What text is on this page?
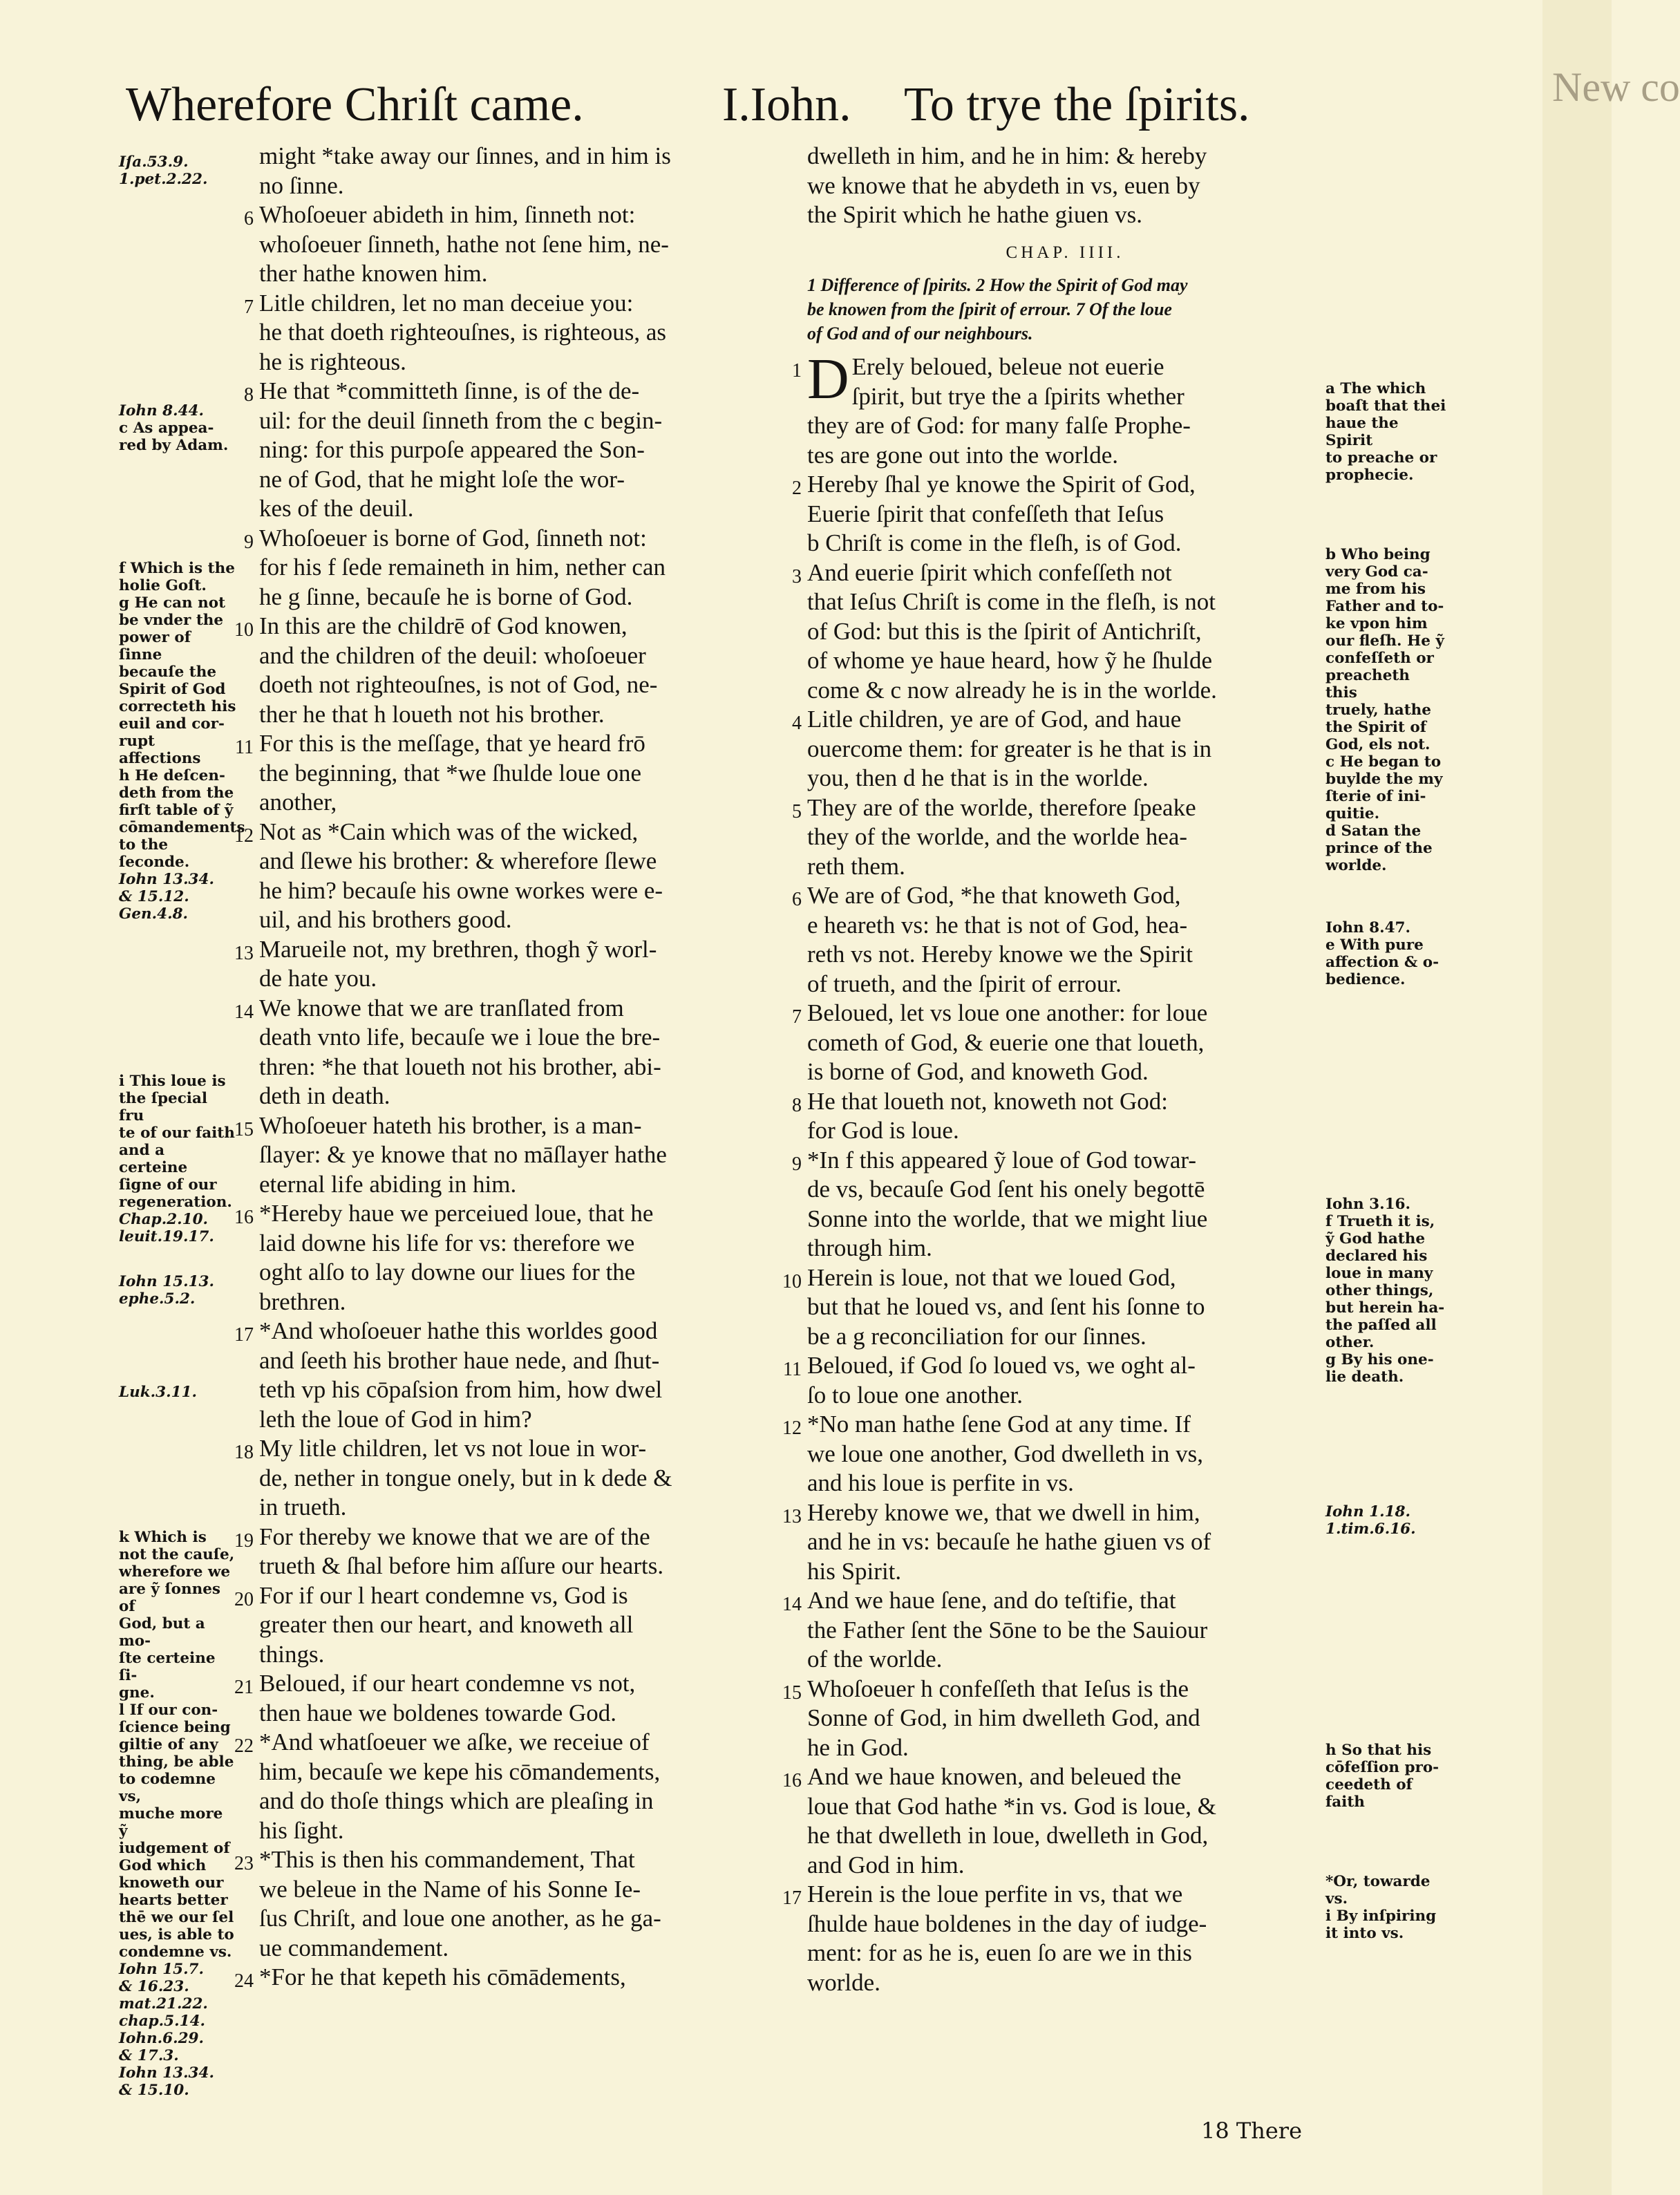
New co
Wherefore Chriſt came.	I.Iohn. To trye the ſpirits.
Iſa.53.9.
1.pet.2.22.
Iohn 8.44.
c As appea-
red by Adam.
f Which is the
holie Goſt.
g He can not
be vnder the
power of ſinne
becauſe the
Spirit of God
correcteth his
euil and cor-
rupt affections
h He deſcen-
deth from the
firſt table of ỹ
cōmandements
to the ſeconde.
Iohn 13.34.
& 15.12.
Gen.4.8.
i This loue is
the ſpecial fru
te of our faith
and a certeine
ſigne of our
regeneration.
Chap.2.10.
leuit.19.17.
Iohn 15.13.
ephe.5.2.
Luk.3.11.
k Which is
not the cauſe,
wherefore we
are ỹ ſonnes of
God, but a mo-
ſte certeine ſi-
gne.
l If our con-
ſcience being
giltie of any
thing, be able
to codemne vs,
muche more ỹ
iudgement of
God which
knoweth our
hearts better
thē we our ſel
ues, is able to
condemne vs.
Iohn 15.7.
& 16.23.
mat.21.22.
chap.5.14.
Iohn.6.29.
& 17.3.
Iohn 13.34.
& 15.10.
might *take away our ſinnes, and in him is
no ſinne.
6 Whoſoeuer abideth in him, ſinneth not:
whoſoeuer ſinneth, hathe not ſene him, ne-
ther hathe knowen him.
7 Litle children, let no man deceiue you:
he that doeth righteouſnes, is righteous, as
he is righteous.
8 He that *committeth ſinne, is of the de-
uil: for the deuil ſinneth from the c begin-
ning: for this purpoſe appeared the Son-
ne of God, that he might loſe the wor-
kes of the deuil.
9 Whoſoeuer is borne of God, ſinneth not:
for his f ſede remaineth in him, nether can
he g ſinne, becauſe he is borne of God.
10 In this are the childrē of God knowen,
and the children of the deuil: whoſoeuer
doeth not righteouſnes, is not of God, ne-
ther he that h loueth not his brother.
11 For this is the meſſage, that ye heard frō
the beginning, that *we ſhulde loue one
another,
12 Not as *Cain which was of the wicked,
and ſlewe his brother: & wherefore ſlewe
he him? becauſe his owne workes were e-
uil, and his brothers good.
13 Marueile not, my brethren, thogh ỹ worl-
de hate you.
14 We knowe that we are tranſlated from
death vnto life, becauſe we i loue the bre-
thren: *he that loueth not his brother, abi-
deth in death.
15 Whoſoeuer hateth his brother, is a man-
ſlayer: & ye knowe that no māſlayer hathe
eternal life abiding in him.
16 *Hereby haue we perceiued loue, that he
laid downe his life for vs: therefore we
oght alſo to lay downe our liues for the
brethren.
17 *And whoſoeuer hathe this worldes good
and ſeeth his brother haue nede, and ſhut-
teth vp his cōpaſsion from him, how dwel
leth the loue of God in him?
18 My litle children, let vs not loue in wor-
de, nether in tongue onely, but in k dede &
in trueth.
19 For thereby we knowe that we are of the
trueth & ſhal before him aſſure our hearts.
20 For if our l heart condemne vs, God is
greater then our heart, and knoweth all
things.
21 Beloued, if our heart condemne vs not,
then haue we boldenes towarde God.
22 *And whatſoeuer we aſke, we receiue of
him, becauſe we kepe his cōmandements,
and do thoſe things which are pleaſing in
his ſight.
23 *This is then his commandement, That
we beleue in the Name of his Sonne Ie-
ſus Chriſt, and loue one another, as he ga-
ue commandement.
24 *For he that kepeth his cōmādements,
dwelleth in him, and he in him: & hereby
we knowe that he abydeth in vs, euen by
the Spirit which he hathe giuen vs.
CHAP. IIII.
1 Difference of ſpirits. 2 How the Spirit of God may
be knowen from the ſpirit of errour. 7 Of the loue
of God and of our neighbours.
1 D Erely beloued, beleue not euerie
ſpirit, but trye the a ſpirits whether
they are of God: for many falſe Prophe-
tes are gone out into the worlde.
2 Hereby ſhal ye knowe the Spirit of God,
Euerie ſpirit that confeſſeth that Ieſus
b Chriſt is come in the fleſh, is of God.
3 And euerie ſpirit which confeſſeth not
that Ieſus Chriſt is come in the fleſh, is not
of God: but this is the ſpirit of Antichriſt,
of whome ye haue heard, how ỹ he ſhulde
come & c now already he is in the worlde.
4 Litle children, ye are of God, and haue
ouercome them: for greater is he that is in
you, then d he that is in the worlde.
5 They are of the worlde, therefore ſpeake
they of the worlde, and the worlde hea-
reth them.
6 We are of God, *he that knoweth God,
e heareth vs: he that is not of God, hea-
reth vs not. Hereby knowe we the Spirit
of trueth, and the ſpirit of errour.
7 Beloued, let vs loue one another: for loue
cometh of God, & euerie one that loueth,
is borne of God, and knoweth God.
8 He that loueth not, knoweth not God:
for God is loue.
9 *In f this appeared ỹ loue of God towar-
de vs, becauſe God ſent his onely begottē
Sonne into the worlde, that we might liue
through him.
10 Herein is loue, not that we loued God,
but that he loued vs, and ſent his ſonne to
be a g reconciliation for our ſinnes.
11 Beloued, if God ſo loued vs, we oght al-
ſo to loue one another.
12 *No man hathe ſene God at any time. If
we loue one another, God dwelleth in vs,
and his loue is perfite in vs.
13 Hereby knowe we, that we dwell in him,
and he in vs: becauſe he hathe giuen vs of
his Spirit.
14 And we haue ſene, and do teſtifie, that
the Father ſent the Sōne to be the Sauiour
of the worlde.
15 Whoſoeuer h confeſſeth that Ieſus is the
Sonne of God, in him dwelleth God, and
he in God.
16 And we haue knowen, and beleued the
loue that God hathe *in vs. God is loue, &
he that dwelleth in loue, dwelleth in God,
and God in him.
17 Herein is the loue perfite in vs, that we
ſhulde haue boldenes in the day of iudge-
ment: for as he is, euen ſo are we in this
worlde.
a The which
boaſt that thei
haue the Spirit
to preache or
prophecie.
b Who being
very God ca-
me from his
Father and to-
ke vpon him
our fleſh. He ỹ
confeſſeth or
preacheth this
truely, hathe
the Spirit of
God, els not.
c He began to
buylde the my
ſterie of ini-
quitie.
d Satan the
prince of the
worlde.
Iohn 8.47.
e With pure
affection & o-
bedience.
Iohn 3.16.
f Trueth it is,
ỹ God hathe
declared his
loue in many
other things,
but herein ha-
the paſſed all
other.
g By his one-
lie death.
Iohn 1.18.
1.tim.6.16.
h So that his
cōfeſſion pro-
ceedeth of faith
*Or, towarde vs.
i By inſpiring
it into vs.
18 There
